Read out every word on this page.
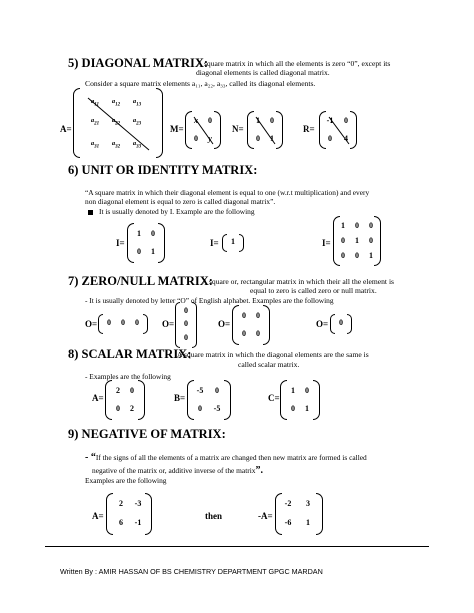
5) DIAGONAL MATRIX:
A square matrix in which all the elements is zero “0”, except its
diagonal elements is called diagonal matrix.
Consider a square matrix elements a₁₁, a₂₂, a₃₃, called its diagonal elements.
A=
$a_{11}$	$a_{12}$	$a_{13}$
$a_{21}$	$a_{22}$	$a_{23}$
$a_{31}$	$a_{32}$	$a_{33}$
M=
x	0
0	y
N=
1	0
0	1
R=
-1	0
0	4
6) UNIT OR IDENTITY MATRIX:
“A square matrix in which their diagonal element is equal to one (w.r.t multiplication) and every
non diagonal element is equal to zero is called diagonal matrix”.
It is usually denoted by I. Example are the following
I=
1	0
0	1
I=	1	I=
1	0	0
0	1	0
0	0	1
7) ZERO/NULL MATRIX:
A square or, rectangular matrix in which their all the element is
equal to zero is called zero or null matrix.
- It is usually denoted by letter “O” of English alphabet. Examples are the following
O=	0	0	0	O=
0
0
0
O=
0	0
0	0
O=	0
8) SCALAR MATRIX:
A square matrix in which the diagonal elements are the same is
called scalar matrix.
- Examples are the following
A=
2	0
0	2
B=
-5	0
0	-5
C=
1	0
0	1
9) NEGATIVE OF MATRIX:
- “If the signs of all the elements of a matrix are changed then new matrix are formed is called
negative of the matrix or, additive inverse of the matrix”.
Examples are the following
A=
2	-3
6	-1
then	-A=
-2	3
-6	1
Written By : AMIR HASSAN OF BS CHEMISTRY DEPARTMENT GPGC MARDAN
